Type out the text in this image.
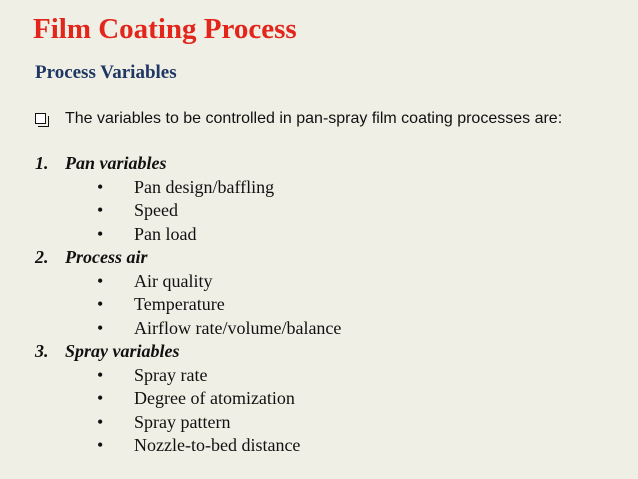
Film Coating Process
Process Variables
The variables to be controlled in pan-spray film coating processes are:
1. Pan variables
• Pan design/baffling
• Speed
• Pan load
2. Process air
• Air quality
• Temperature
• Airflow rate/volume/balance
3. Spray variables
• Spray rate
• Degree of atomization
• Spray pattern
• Nozzle-to-bed distance
